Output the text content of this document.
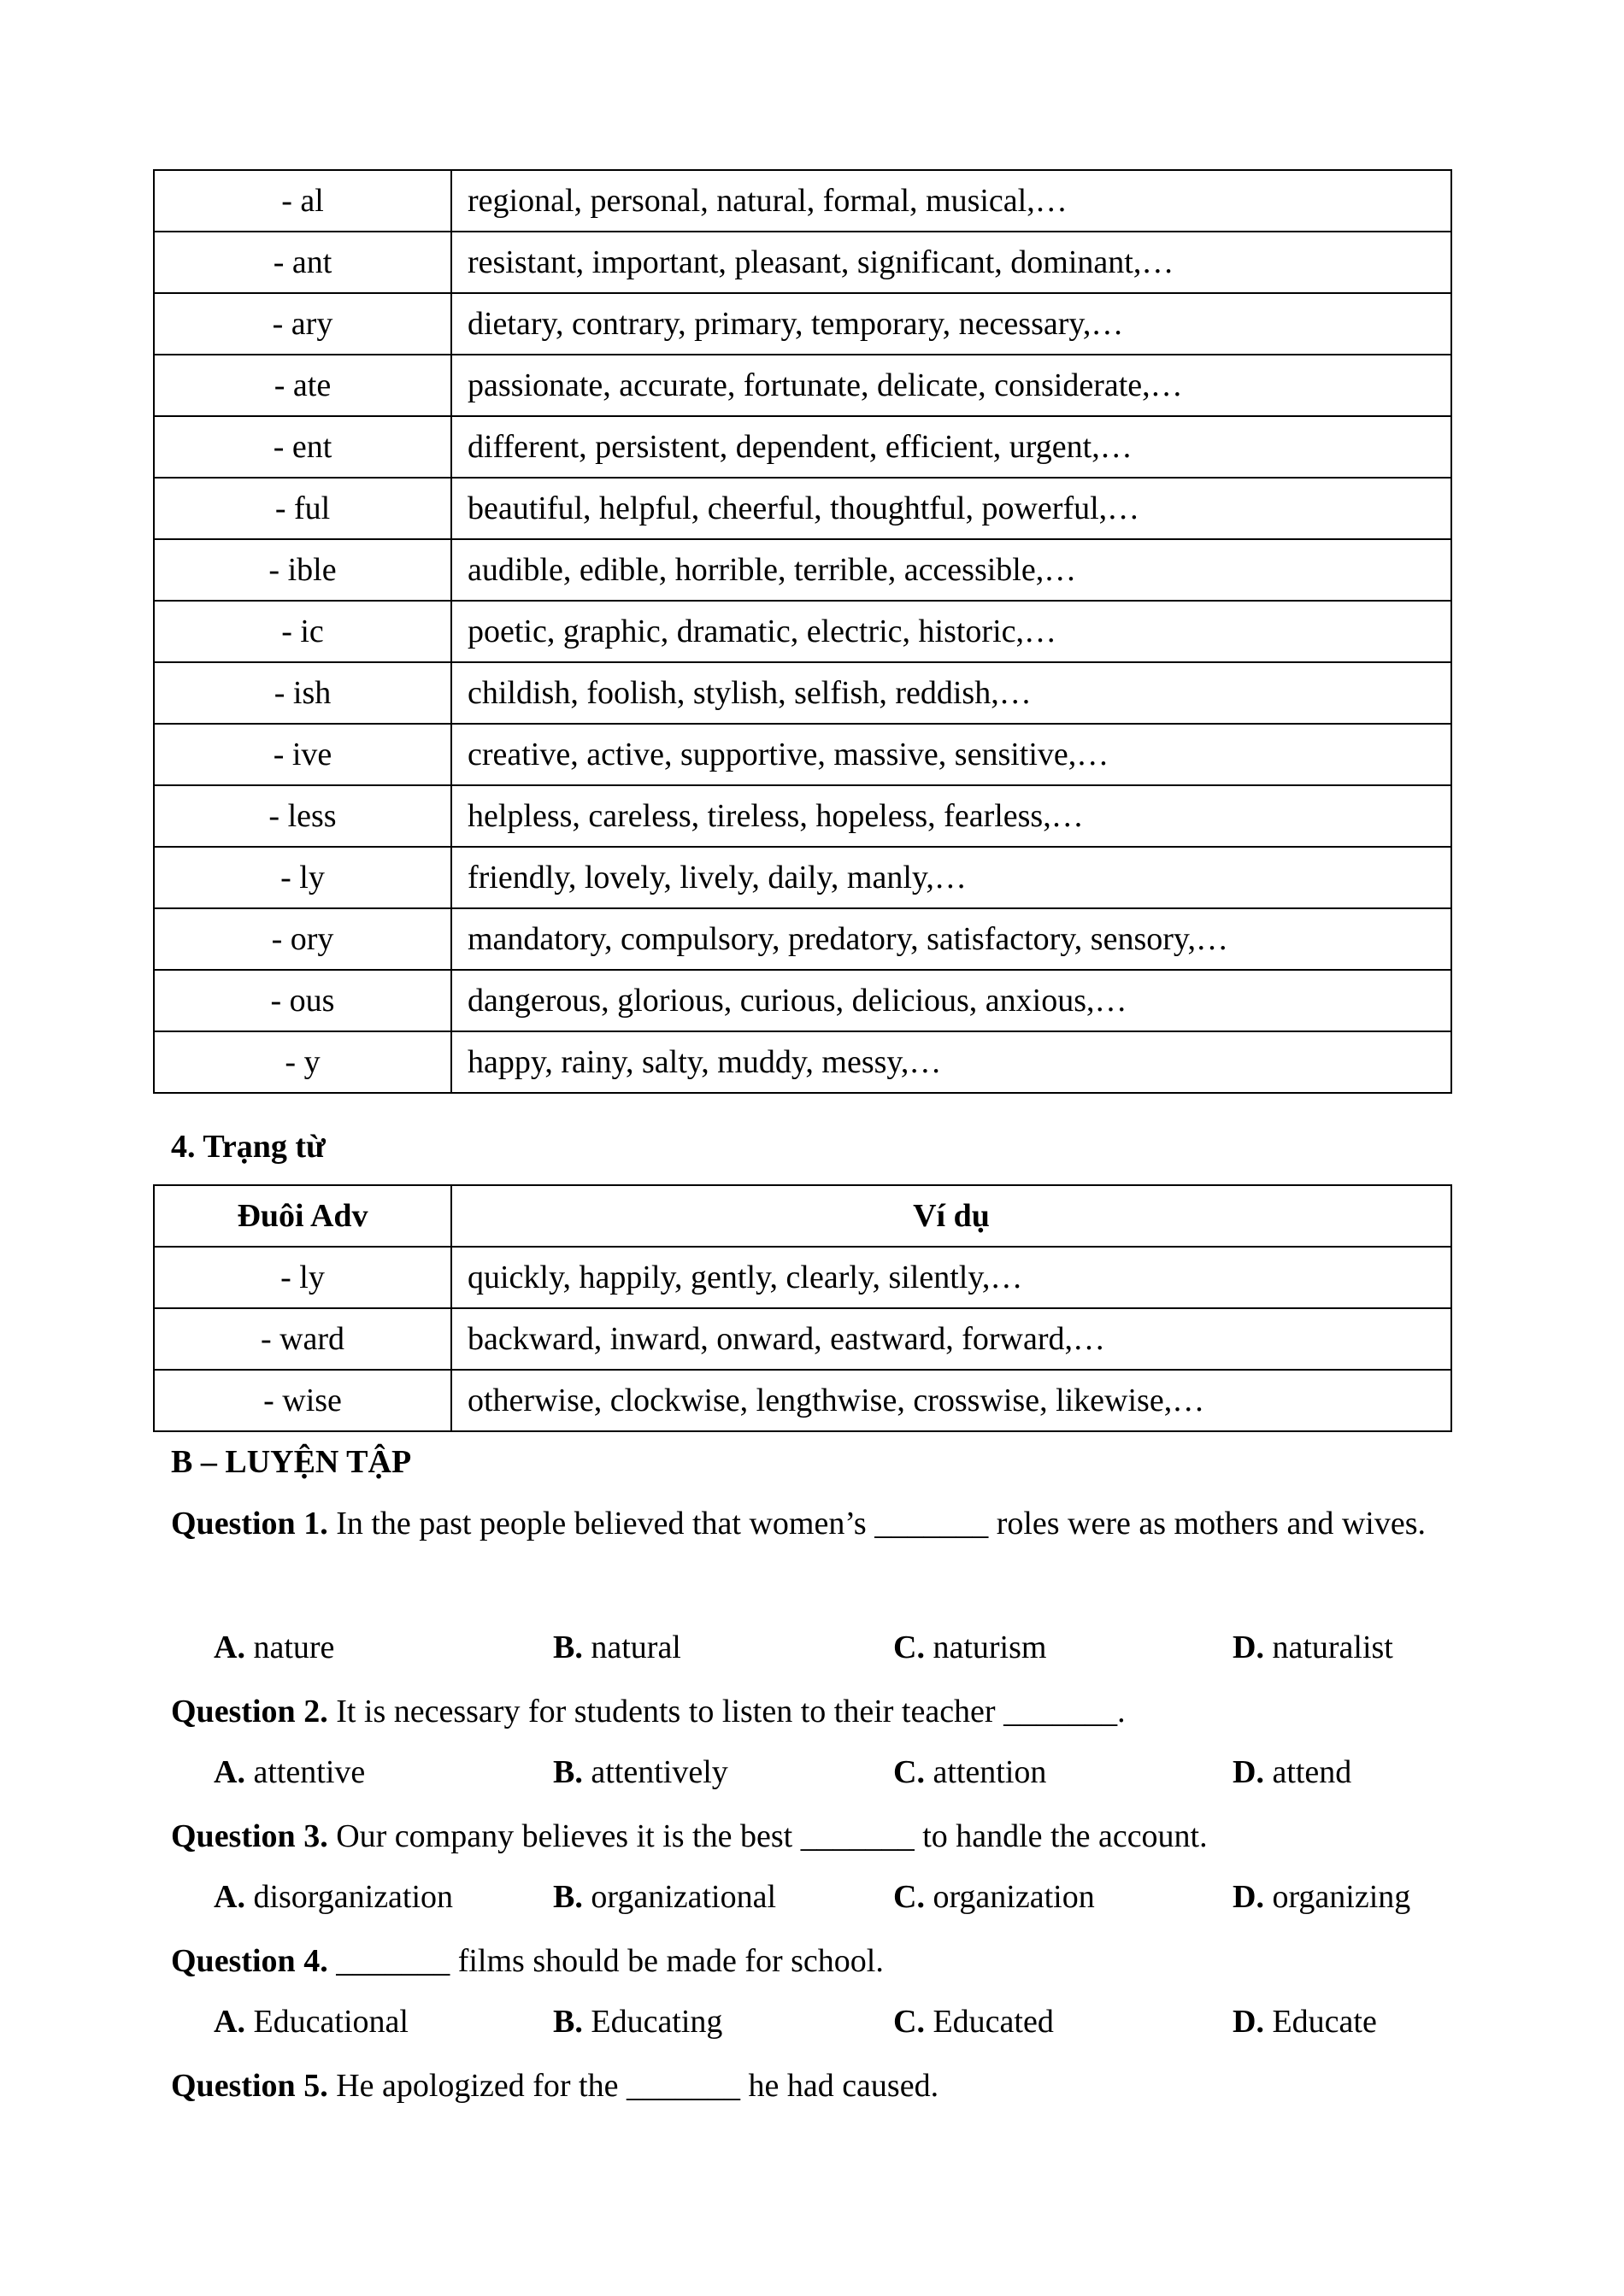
- al	regional, personal, natural, formal, musical,…
- ant	resistant, important, pleasant, significant, dominant,…
- ary	dietary, contrary, primary, temporary, necessary,…
- ate	passionate, accurate, fortunate, delicate, considerate,…
- ent	different, persistent, dependent, efficient, urgent,…
- ful	beautiful, helpful, cheerful, thoughtful, powerful,…
- ible	audible, edible, horrible, terrible, accessible,…
- ic	poetic, graphic, dramatic, electric, historic,…
- ish	childish, foolish, stylish, selfish, reddish,…
- ive	creative, active, supportive, massive, sensitive,…
- less	helpless, careless, tireless, hopeless, fearless,…
- ly	friendly, lovely, lively, daily, manly,…
- ory	mandatory, compulsory, predatory, satisfactory, sensory,…
- ous	dangerous, glorious, curious, delicious, anxious,…
- y	happy, rainy, salty, muddy, messy,…
4. Trạng từ
Đuôi Adv	Ví dụ
- ly	quickly, happily, gently, clearly, silently,…
- ward	backward, inward, onward, eastward, forward,…
- wise	otherwise, clockwise, lengthwise, crosswise, likewise,…
B – LUYỆN TẬP
Question 1. In the past people believed that women’s _______ roles were as mothers and wives.
A. nature	B. natural	C. naturism	D. naturalist
Question 2. It is necessary for students to listen to their teacher _______.
A. attentive	B. attentively	C. attention	D. attend
Question 3. Our company believes it is the best _______ to handle the account.
A. disorganization	B. organizational	C. organization	D. organizing
Question 4. _______ films should be made for school.
A. Educational	B. Educating	C. Educated	D. Educate
Question 5. He apologized for the _______ he had caused.
